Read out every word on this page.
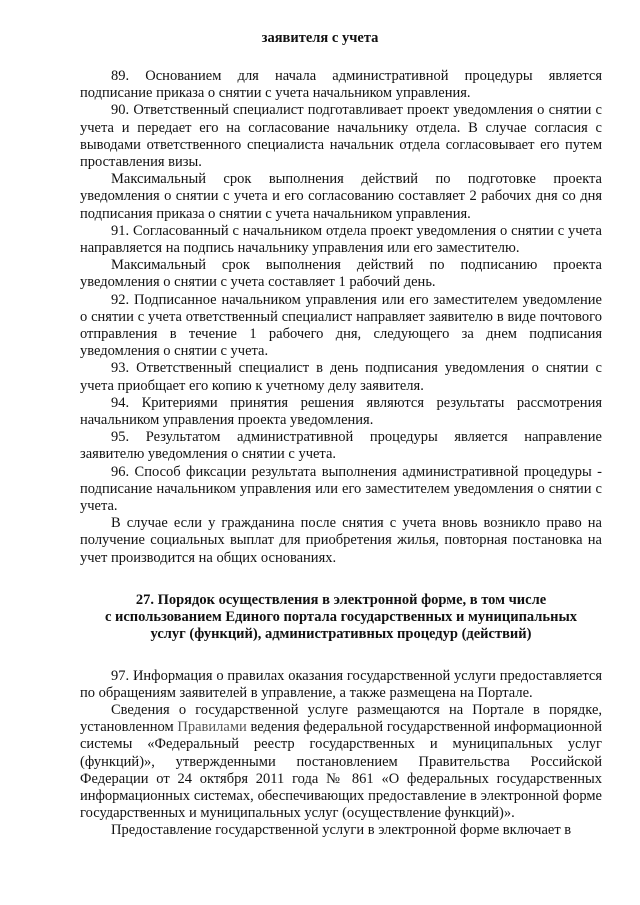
заявителя с учета

89. Основанием для начала административной процедуры является подписание приказа о снятии с учета начальником управления.

90. Ответственный специалист подготавливает проект уведомления о снятии с учета и передает его на согласование начальнику отдела. В случае согласия с выводами ответственного специалиста начальник отдела согласовывает его путем проставления визы.

Максимальный срок выполнения действий по подготовке проекта уведомления о снятии с учета и его согласованию составляет 2 рабочих дня со дня подписания приказа о снятии с учета начальником управления.

91. Согласованный с начальником отдела проект уведомления о снятии с учета направляется на подпись начальнику управления или его заместителю.

Максимальный срок выполнения действий по подписанию проекта уведомления о снятии с учета составляет 1 рабочий день.

92. Подписанное начальником управления или его заместителем уведомление о снятии с учета ответственный специалист направляет заявителю в виде почтового отправления в течение 1 рабочего дня, следующего за днем подписания уведомления о снятии с учета.

93. Ответственный специалист в день подписания уведомления о снятии с учета приобщает его копию к учетному делу заявителя.

94. Критериями принятия решения являются результаты рассмотрения начальником управления проекта уведомления.

95. Результатом административной процедуры является направление заявителю уведомления о снятии с учета.

96. Способ фиксации результата выполнения административной процедуры - подписание начальником управления или его заместителем уведомления о снятии с учета.

В случае если у гражданина после снятия с учета вновь возникло право на получение социальных выплат для приобретения жилья, повторная постановка на учет производится на общих основаниях.

27. Порядок осуществления в электронной форме, в том числе
с использованием Единого портала государственных и муниципальных
услуг (функций), административных процедур (действий)

97. Информация о правилах оказания государственной услуги предоставляется по обращениям заявителей в управление, а также размещена на Портале.

Сведения о государственной услуге размещаются на Портале в порядке, установленном Правилами ведения федеральной государственной информационной системы «Федеральный реестр государственных и муниципальных услуг (функций)», утвержденными постановлением Правительства Российской Федерации от 24 октября 2011 года № 861 «О федеральных государственных информационных системах, обеспечивающих предоставление в электронной форме государственных и муниципальных услуг (осуществление функций)».

Предоставление государственной услуги в электронной форме включает в
